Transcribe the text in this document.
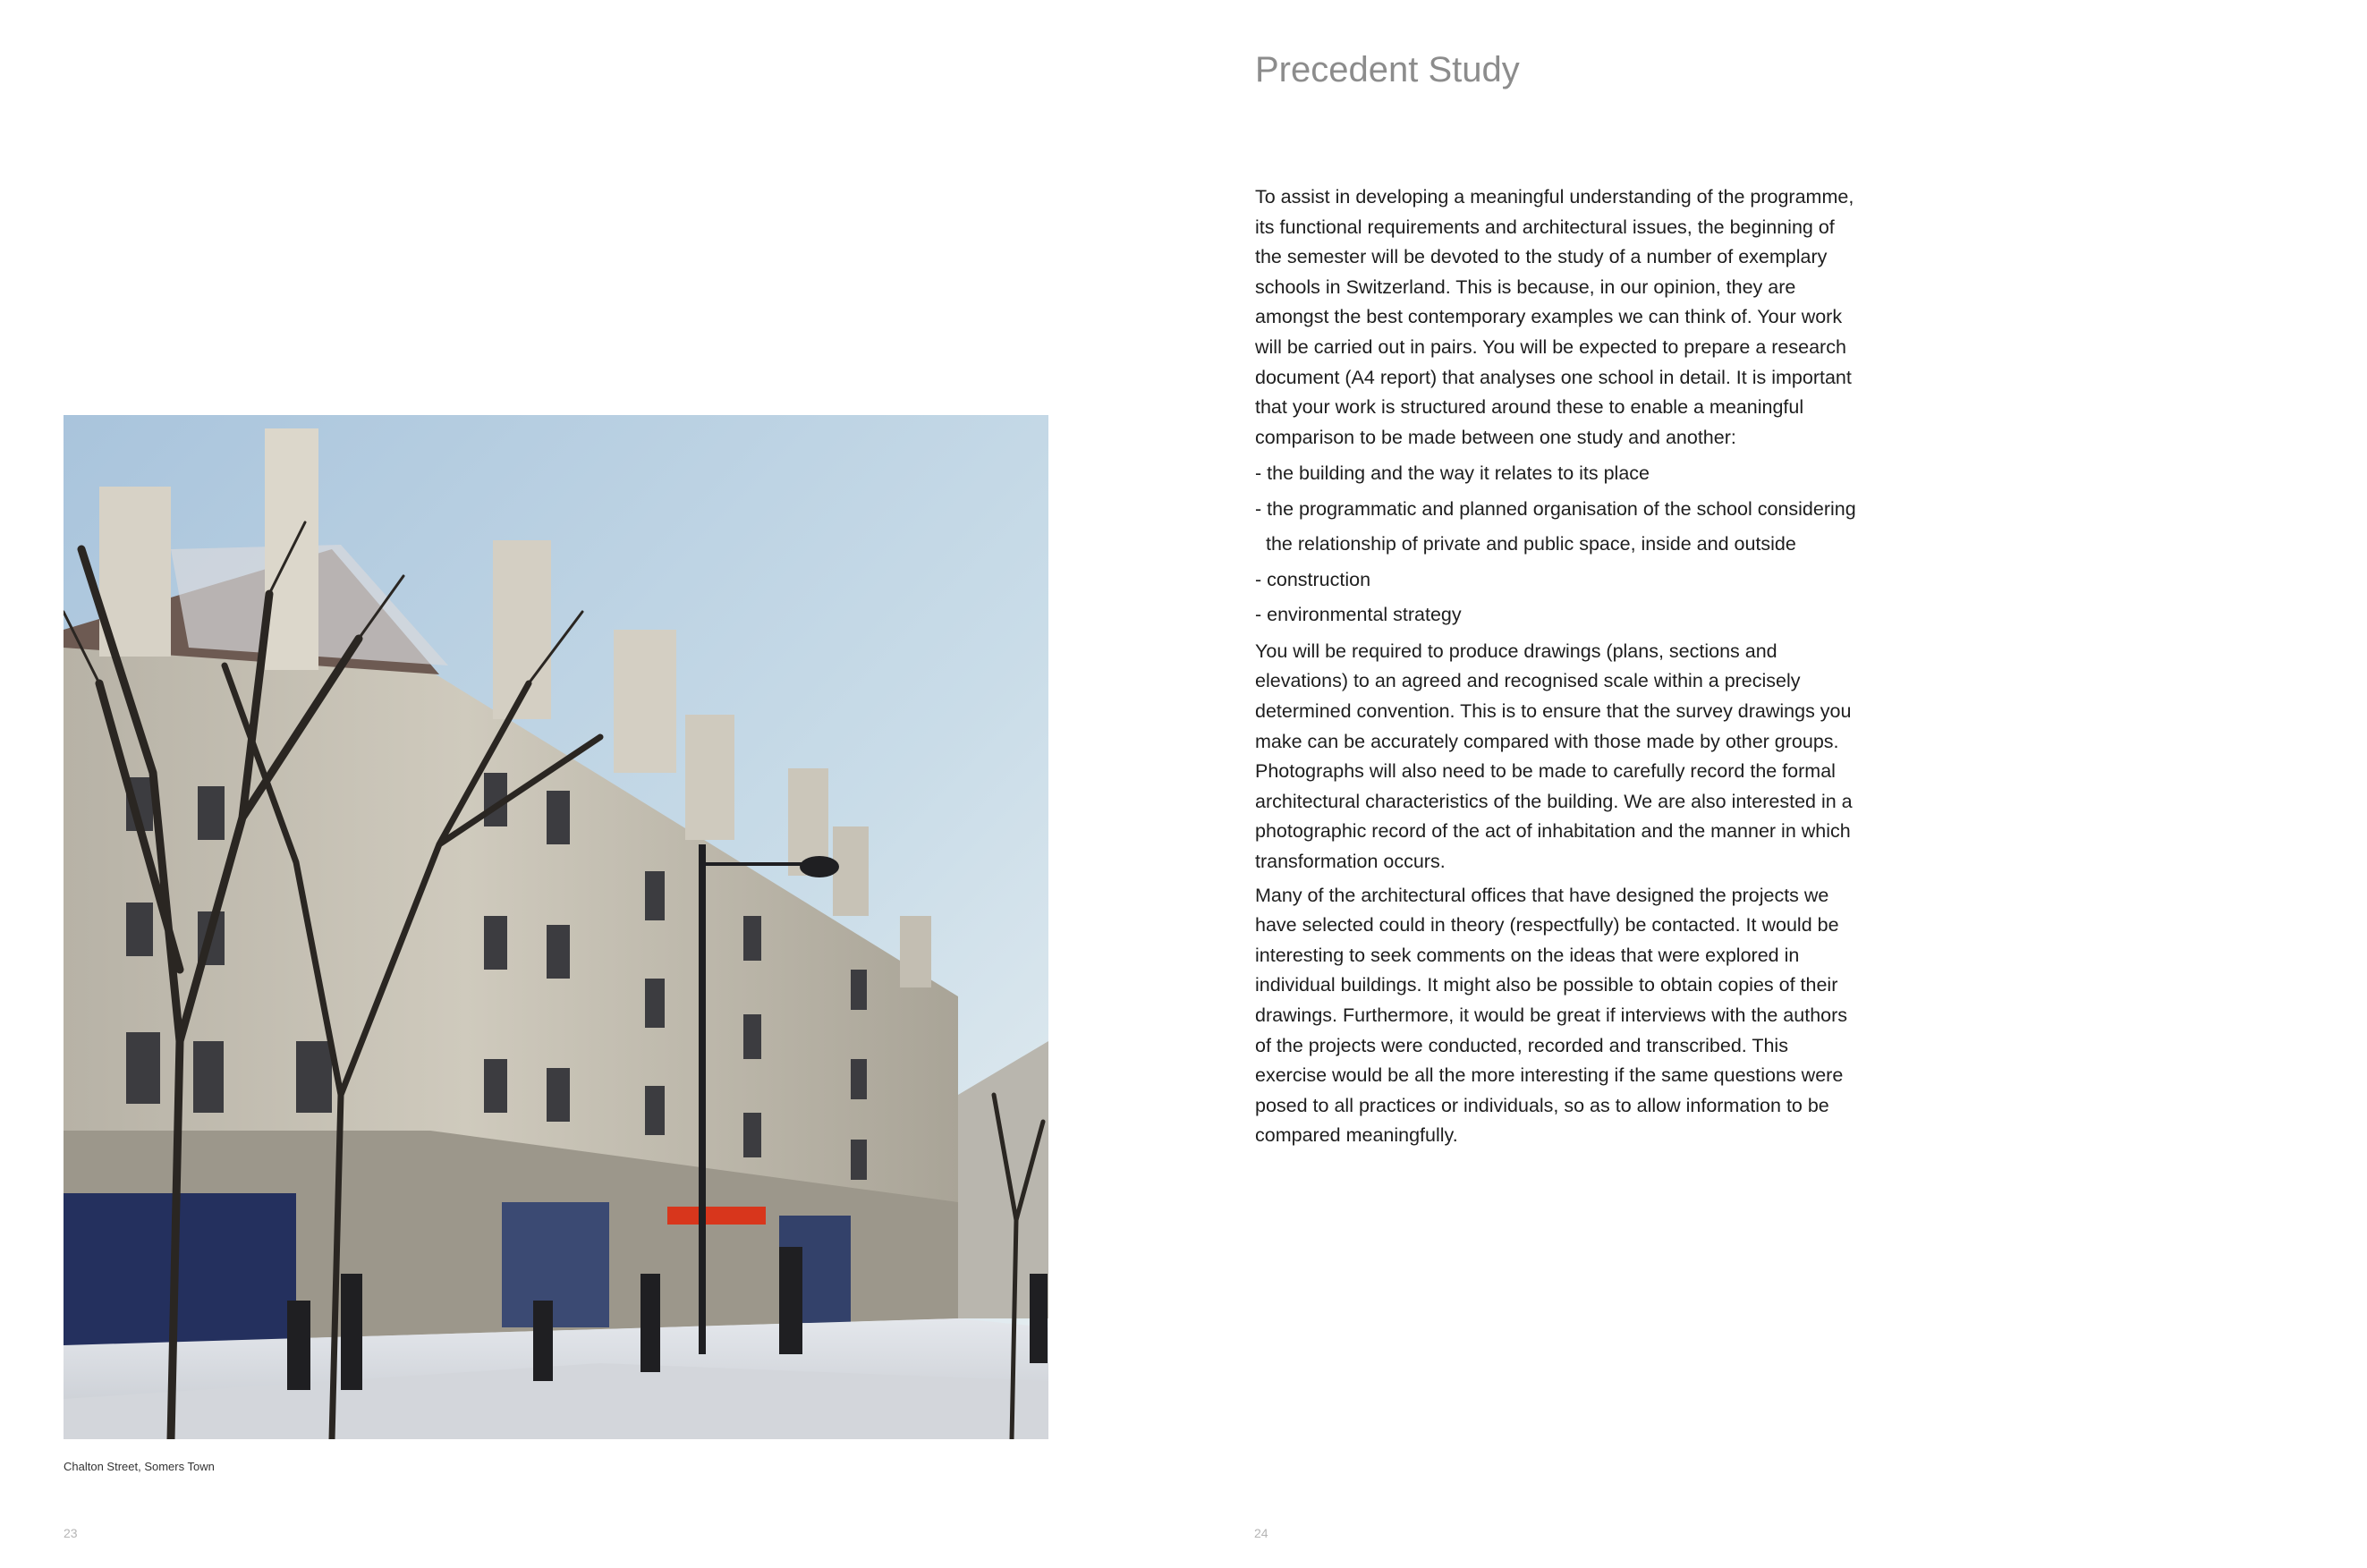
Chalton Street, Somers Town
23
Precedent Study

To assist in developing a meaningful understanding of the programme, its functional requirements and architectural issues, the beginning of the semester will be devoted to the study of a number of exemplary schools in Switzerland. This is because, in our opinion, they are amongst the best contemporary examples we can think of. Your work will be carried out in pairs. You will be expected to prepare a research document (A4 report) that analyses one school in detail. It is important that your work is structured around these to enable a meaningful comparison to be made between one study and another:

- the building and the way it relates to its place
- the programmatic and planned organisation of the school considering the relationship of private and public space, inside and outside
- construction
- environmental strategy

You will be required to produce drawings (plans, sections and elevations) to an agreed and recognised scale within a precisely determined convention. This is to ensure that the survey drawings you make can be accurately compared with those made by other groups. Photographs will also need to be made to carefully record the formal architectural characteristics of the building. We are also interested in a photographic record of the act of inhabitation and the manner in which transformation occurs.

Many of the architectural offices that have designed the projects we have selected could in theory (respectfully) be contacted. It would be interesting to seek comments on the ideas that were explored in individual buildings. It might also be possible to obtain copies of their drawings. Furthermore, it would be great if interviews with the authors of the projects were conducted, recorded and transcribed. This exercise would be all the more interesting if the same questions were posed to all practices or individuals, so as to allow information to be compared meaningfully.

24
